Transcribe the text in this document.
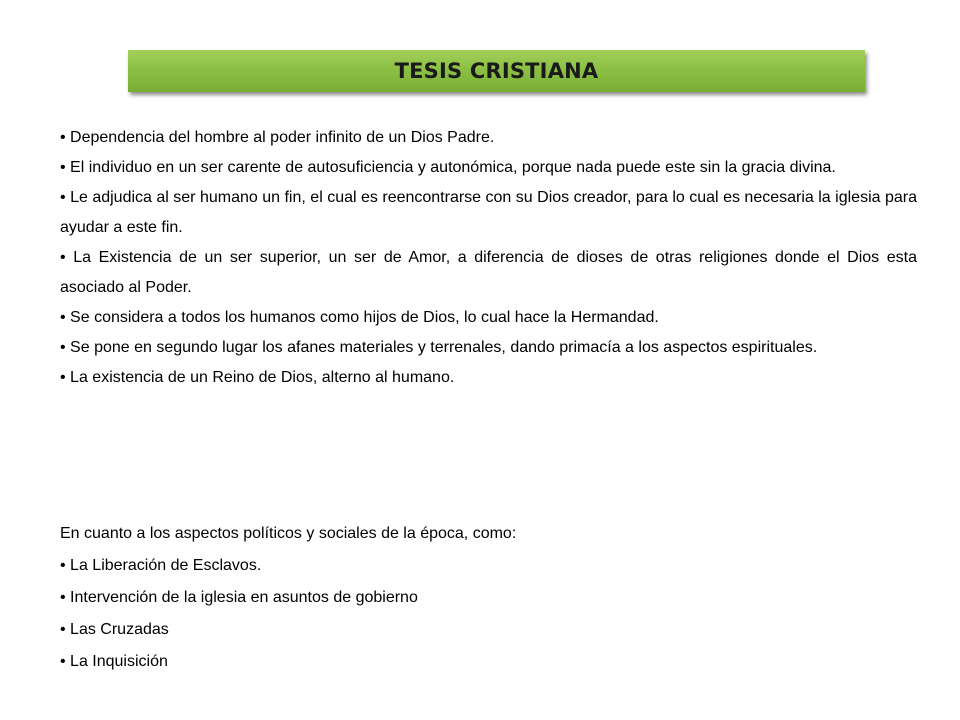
TESIS CRISTIANA

• Dependencia del hombre al poder infinito de un Dios Padre.

• El individuo en un ser carente de autosuficiencia y autonómica, porque nada puede este sin la gracia divina.

• Le adjudica al ser humano un fin, el cual es reencontrarse con su Dios creador, para lo cual es necesaria la iglesia para ayudar a este fin.

• La Existencia de un ser superior, un ser de Amor, a diferencia de dioses de otras religiones donde el Dios esta asociado al Poder.

• Se considera a todos los humanos como hijos de Dios, lo cual hace la Hermandad.

• Se pone en segundo lugar los afanes materiales y terrenales, dando primacía a los aspectos espirituales.

• La existencia de un Reino de Dios, alterno al humano.

En cuanto a los aspectos políticos y sociales de la época, como:

• La Liberación de Esclavos.

• Intervención de la iglesia en asuntos de gobierno

• Las Cruzadas

• La Inquisición
